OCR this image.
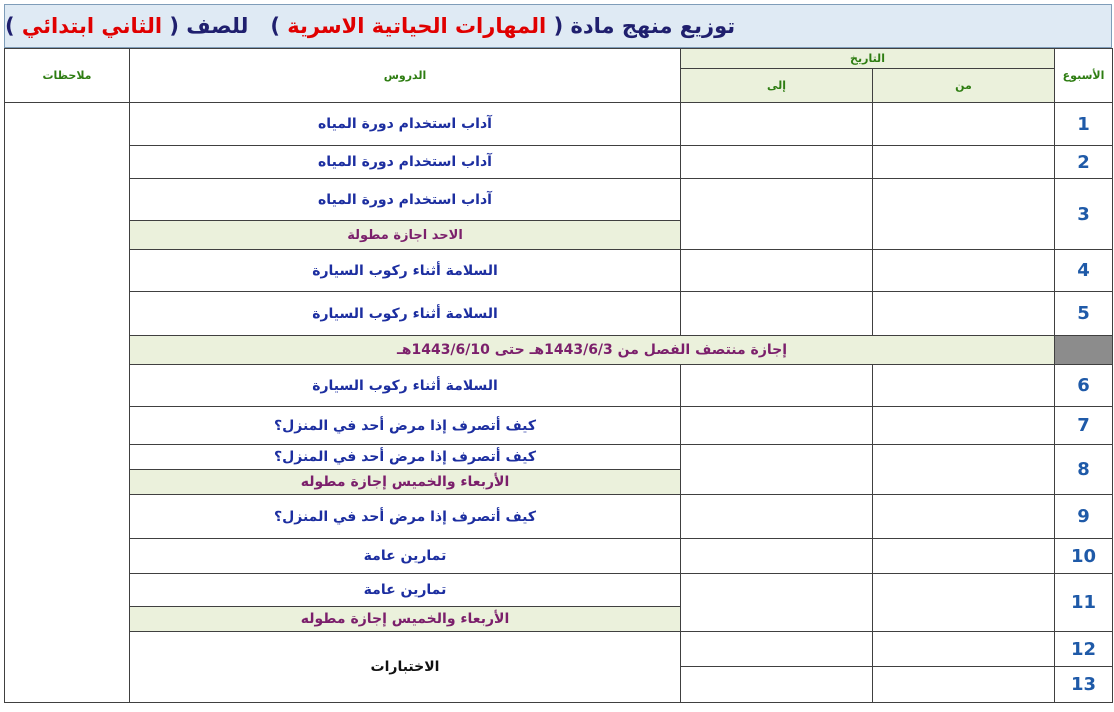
توزيع منهج مادة

(

المهارات الحياتية الاسرية

)

للصف

(

الثاني ابتدائي

)
الأسبوع	التاريخ		الدروس	ملاحظات
	من	إلى		
1			آداب استخدام دورة المياه	
2			آداب استخدام دورة المياه	
3			آداب استخدام دورة المياه	
			الاحد اجازة مطولة	
4			السلامة أثناء ركوب السيارة	
5			السلامة أثناء ركوب السيارة	
	إجازة منتصف الفصل من 1443/6/3هـ حتى 1443/6/10هـ			
6			السلامة أثناء ركوب السيارة	
7			كيف أتصرف إذا مرض أحد في المنزل؟	
8			كيف أتصرف إذا مرض أحد في المنزل؟	
			الأربعاء والخميس إجازة مطوله	
9			كيف أتصرف إذا مرض أحد في المنزل؟	
10			تمارين عامة	
11			تمارين عامة	
			الأربعاء والخميس إجازة مطوله	
12			الاختبارات	
13				
